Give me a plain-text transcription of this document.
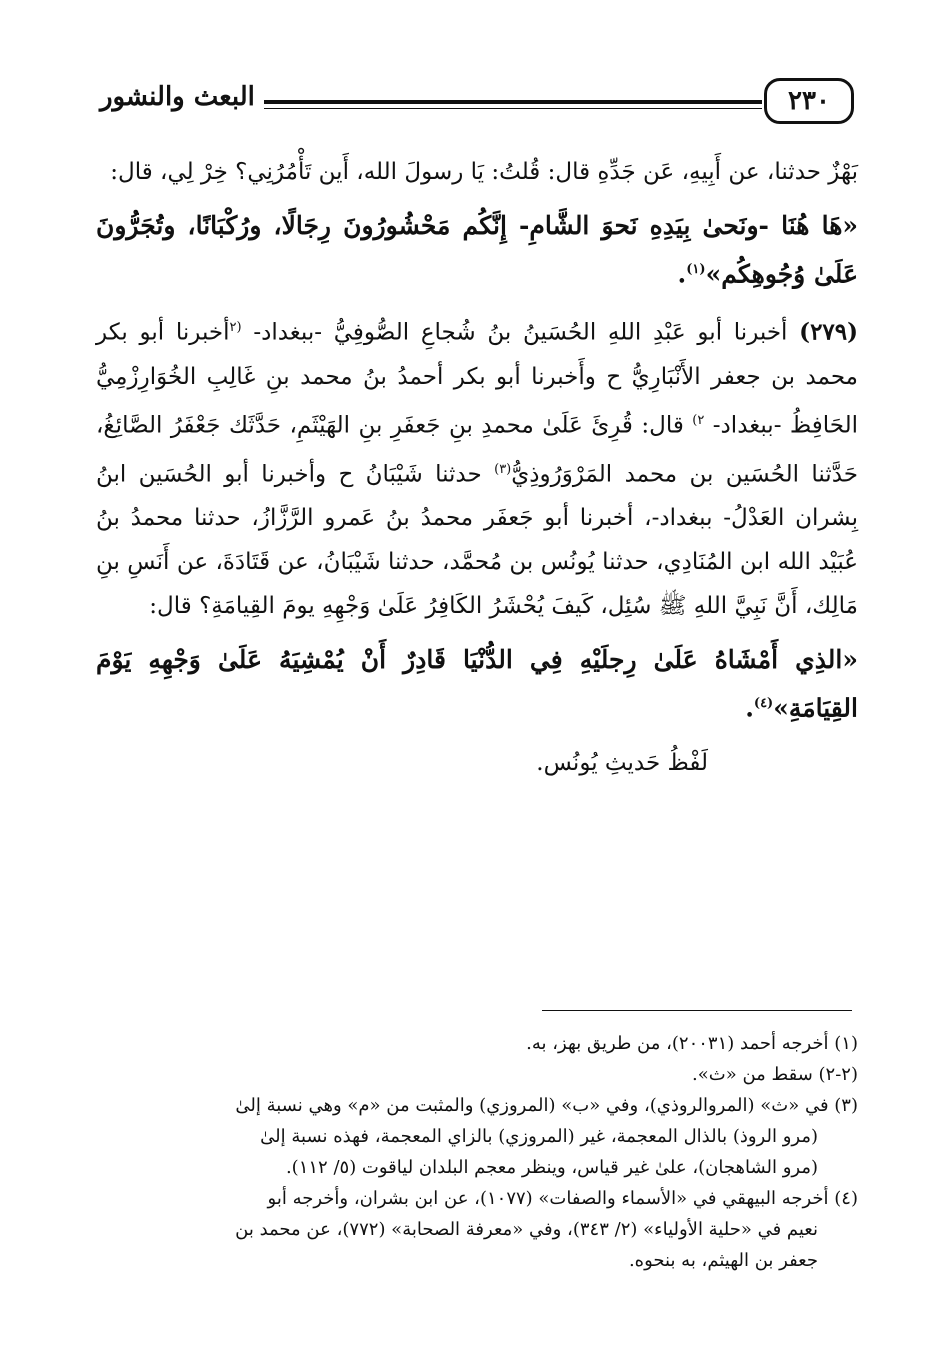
٢٣٠
البعث والنشور

بَهْزٌ حدثنا، عن أَبِيهِ، عَن جَدِّهِ قال: قُلتُ: يَا رسولَ الله، أَين تَأْمُرُنِي؟ خِرْ لِي، قال:

«هَا هُنَا -ونَحىٰ بِيَدِهِ نَحوَ الشَّامِ- إِنَّكُم مَحْشُورُونَ رِجَالًا، ورُكْبَانًا، وتُجَرُّونَ عَلَىٰ وُجُوهِكُم»$^{(١)}$.

(٢٧٩) أخبرنا أبو عَبْدِ اللهِ الحُسَينُ بنُ شُجاعِ الصُّوفِيُّ -ببغداد- $^{(٢}$أخبرنا أبو بكر محمد بن جعفر الأَنْبَارِيُّ ح وأَخبرنا أبو بكر أحمدُ بنُ محمد بنِ غَالِبِ الخُوَارِزْمِيُّ الحَافِظُ -ببغداد- $^{٢)}$ قال: قُرِئَ عَلَىٰ محمدِ بنِ جَعفَرِ بنِ الهَيْثَمِ، حَدَّثَك جَعْفَرُ الصَّائِغُ، حَدَّثنا الحُسَين بن محمد المَرْوَرُوذِيُّ$^{(٣)}$ حدثنا شَيْبَانُ ح وأخبرنا أبو الحُسَين ابنُ بِشران العَدْلُ- ببغداد-، أخبرنا أبو جَعفَر محمدُ بنُ عَمرو الرَّزَّازُ، حدثنا محمدُ بنُ عُبَيْد الله ابن المُنَادِي، حدثنا يُونُس بن مُحمَّد، حدثنا شَيْبَانُ، عن قَتَادَةَ، عن أَنَسِ بنِ مَالِك، أَنَّ نَبِيَّ اللهِ ﷺ سُئِل، كَيفَ يُحْشَرُ الكَافِرُ عَلَىٰ وَجْهِهِ يومَ القِيامَةِ؟ قال:

«الذِي أَمْشَاهُ عَلَىٰ رِجلَيْهِ فِي الدُّنْيَا قَادِرٌ أَنْ يُمْشِيَهُ عَلَىٰ وَجْهِهِ يَوْمَ القِيَامَةِ»$^{(٤)}$.

لَفْظُ حَديثِ يُونُس.

(١) أخرجه أحمد (٢٠٠٣١)، من طريق بهز، به.

(٢-٢) سقط من «ث».

(٣) في «ث» (المروالروذي)، وفي «ب» (المروزي) والمثبت من «م» وهي نسبة إلىٰ

(مرو الروذ) بالذال المعجمة، غير (المروزي) بالزاي المعجمة، فهذه نسبة إلىٰ

(مرو الشاهجان)، علىٰ غير قياس، وينظر معجم البلدان لياقوت (٥/ ١١٢).

(٤) أخرجه البيهقي في «الأسماء والصفات» (١٠٧٧)، عن ابن بشران، وأخرجه أبو

نعيم في «حلية الأولياء» (٢/ ٣٤٣)، وفي «معرفة الصحابة» (٧٧٢)، عن محمد بن

جعفر بن الهيثم، به بنحوه.
